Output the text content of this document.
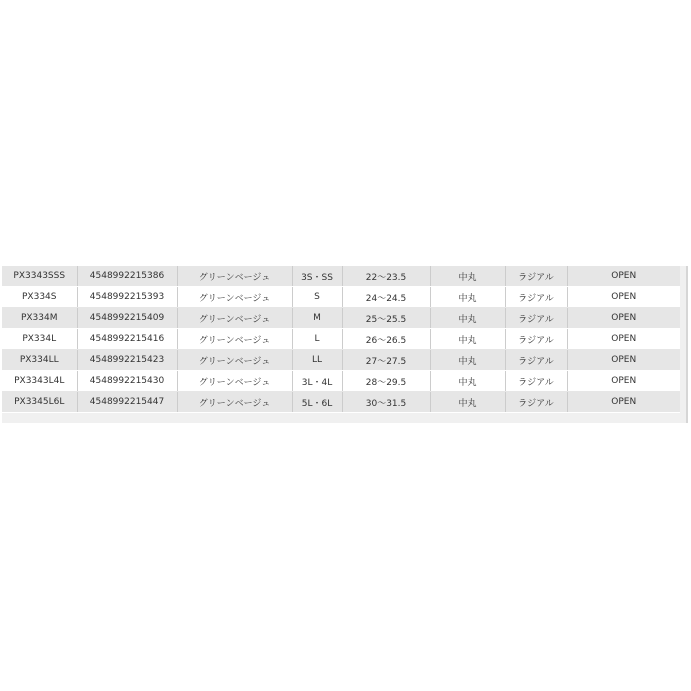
PX3343SSS	4548992215386	グリーンベージュ	3S・SS	22～23.5	中丸	ラジアル	OPEN
PX334S	4548992215393	グリーンベージュ	S	24～24.5	中丸	ラジアル	OPEN
PX334M	4548992215409	グリーンベージュ	M	25～25.5	中丸	ラジアル	OPEN
PX334L	4548992215416	グリーンベージュ	L	26～26.5	中丸	ラジアル	OPEN
PX334LL	4548992215423	グリーンベージュ	LL	27～27.5	中丸	ラジアル	OPEN
PX3343L4L	4548992215430	グリーンベージュ	3L・4L	28～29.5	中丸	ラジアル	OPEN
PX3345L6L	4548992215447	グリーンベージュ	5L・6L	30～31.5	中丸	ラジアル	OPEN
